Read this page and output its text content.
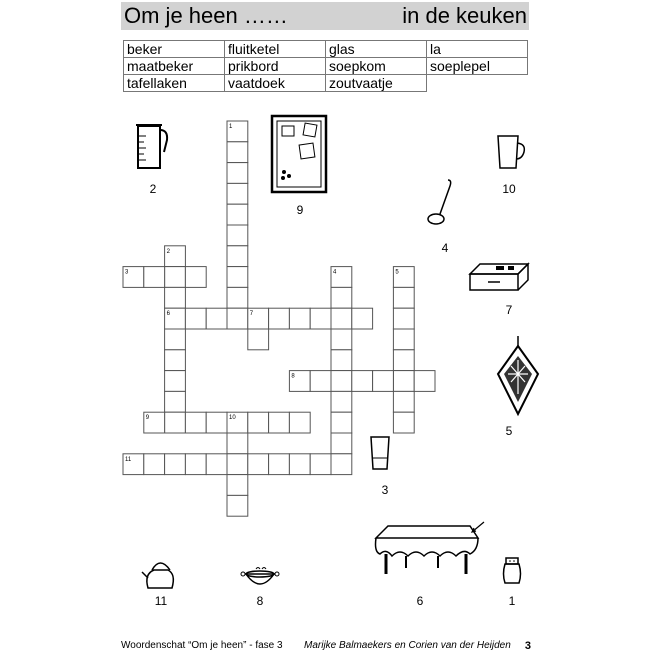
Om je heen ……	in de keuken
beker	fluitketel	glas	la
maatbeker	prikbord	soepkom	soeplepel
tafellaken	vaatdoek	zoutvaatje	
1
2
3	4	5
6	7
8
9	10
11
2
9
10
4
7
5
3
11	8	6	1
Woordenschat “Om je heen” - fase 3 Marijke Balmaekers en Corien van der Heijden 3
